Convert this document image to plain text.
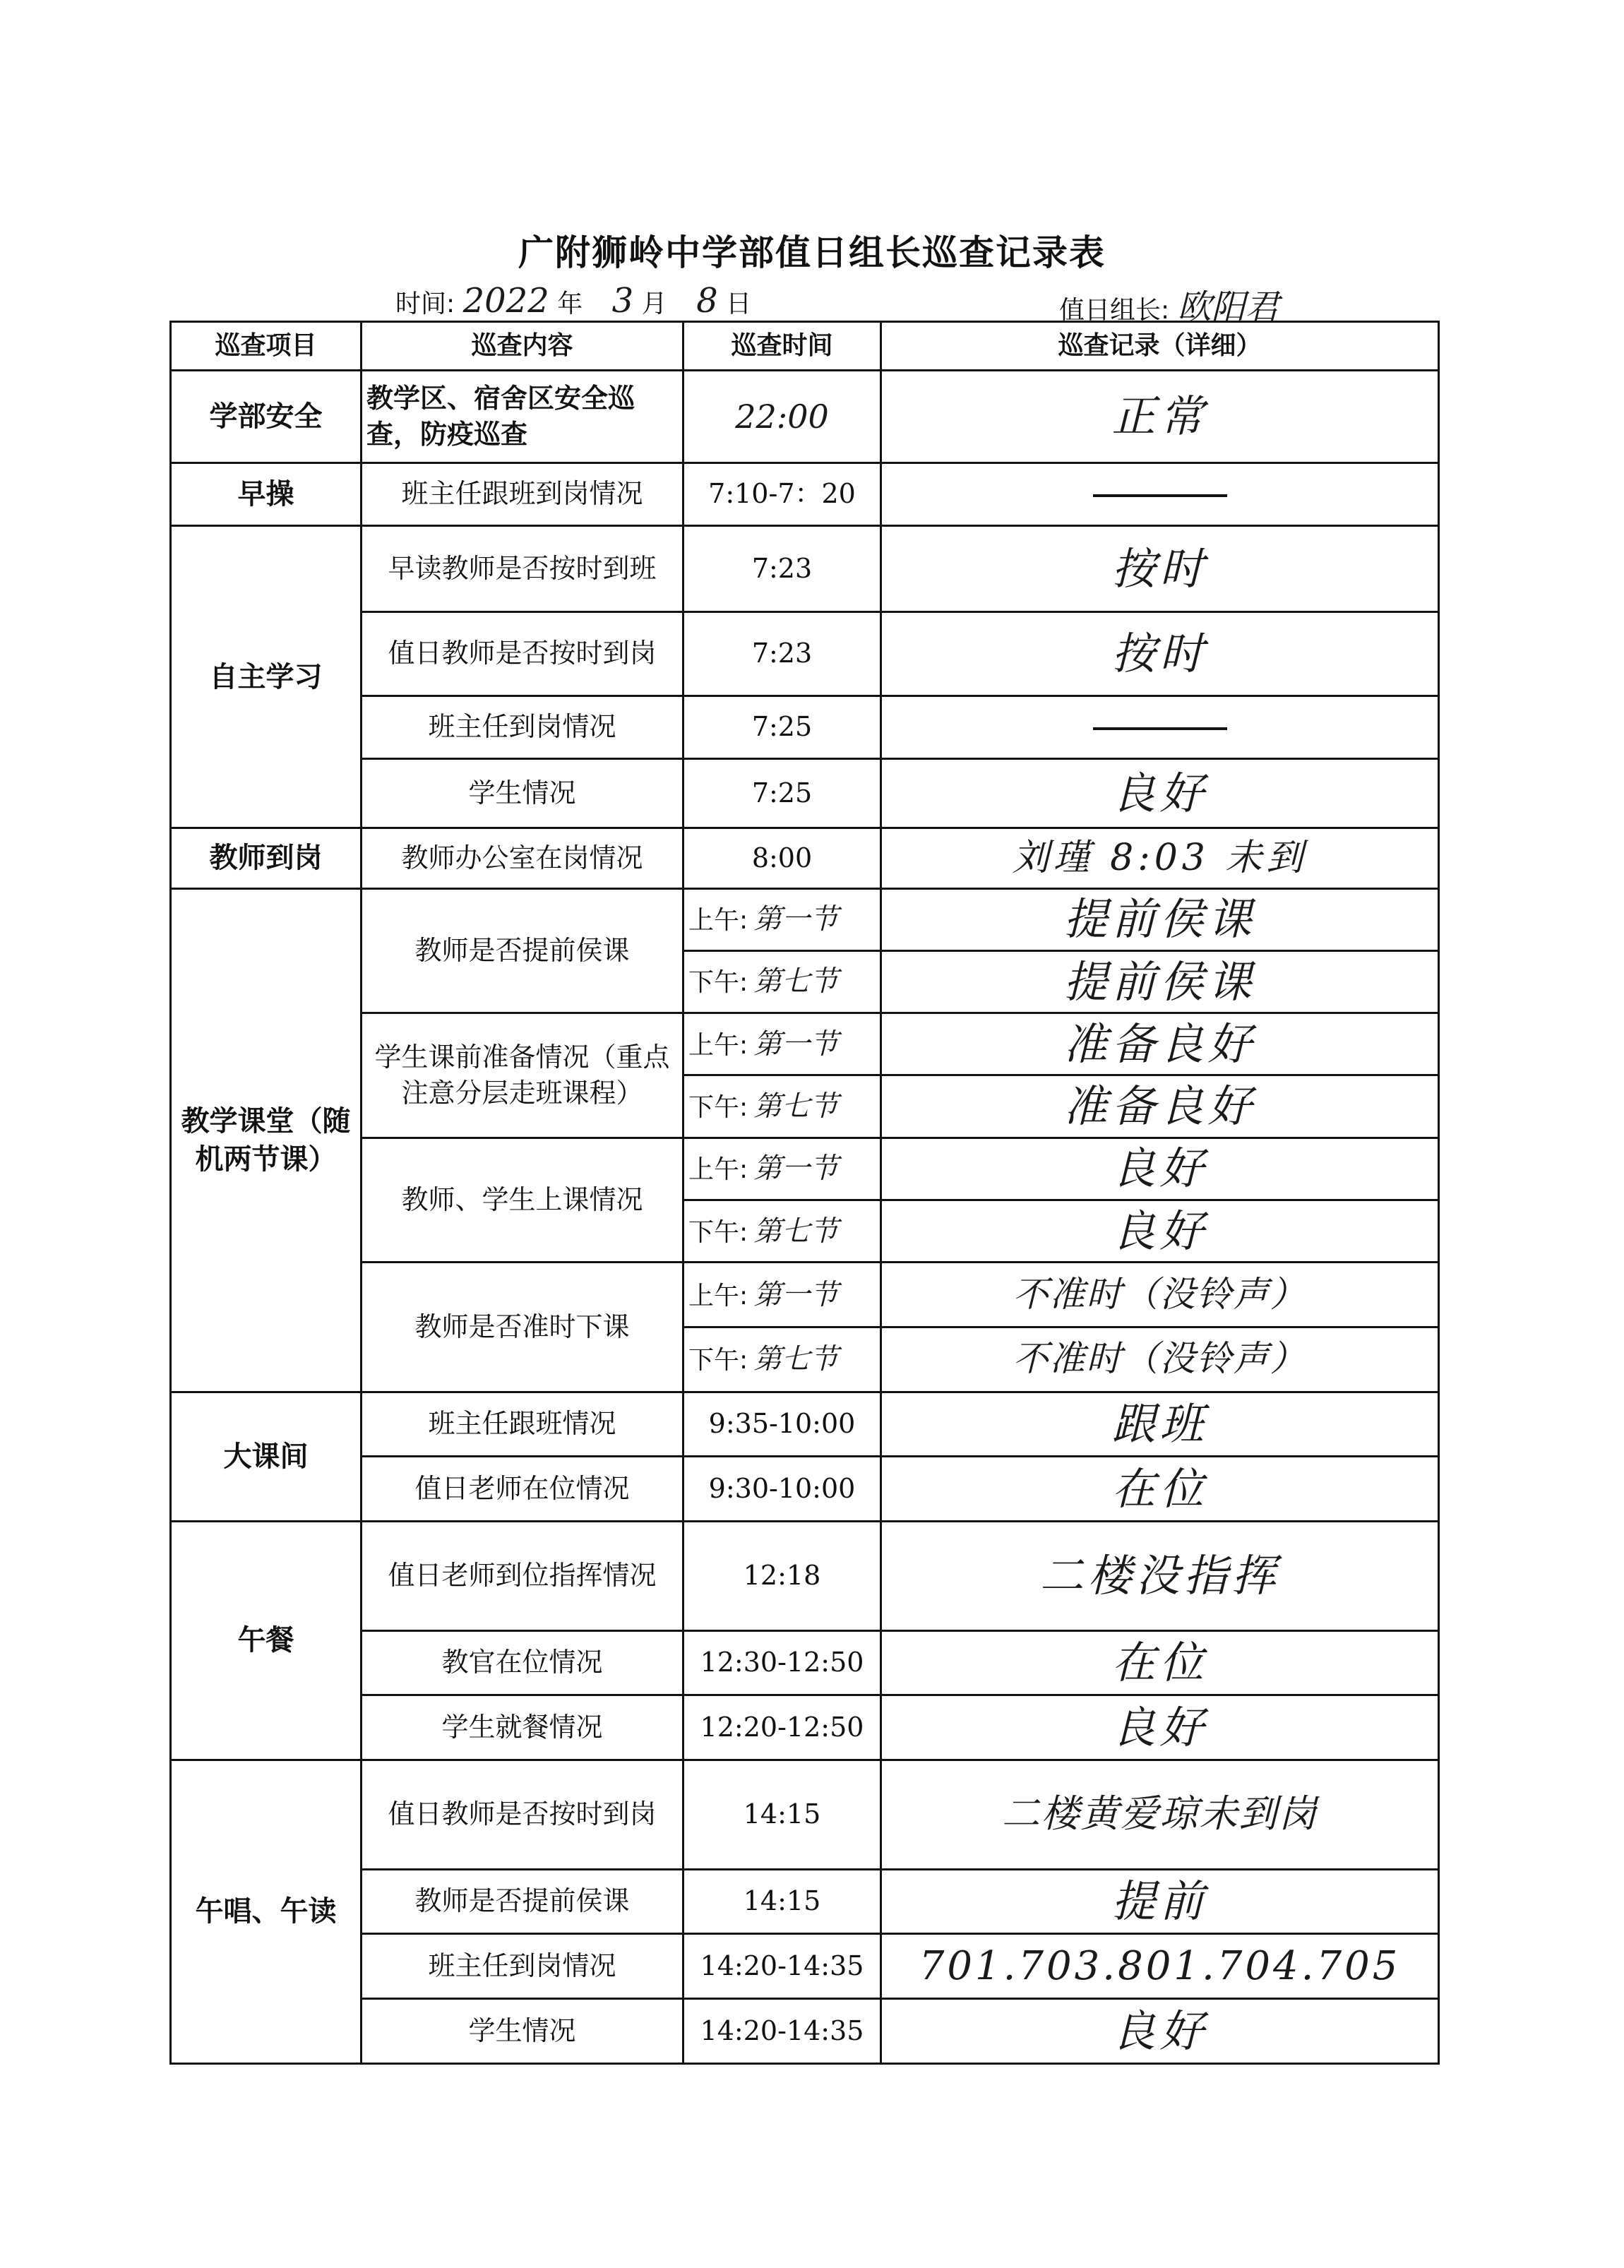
广附狮岭中学部值日组长巡查记录表
时间: 2022 年 3 月 8 日	值日组长: 欧阳君
巡查项目	巡查内容	巡查时间	巡查记录（详细）
学部安全	教学区、宿舍区安全巡查，防疫巡查	22:00	正常
早操	班主任跟班到岗情况	7:10-7：20	
自主学习	早读教师是否按时到班	7:23	按时
	值日教师是否按时到岗	7:23	按时
	班主任到岗情况	7:25	
	学生情况	7:25	良好
教师到岗	教师办公室在岗情况	8:00	刘瑾 8:03 未到
教学课堂（随机两节课）	教师是否提前侯课	上午: 第一节	提前侯课
		下午: 第七节	提前侯课
	学生课前准备情况（重点注意分层走班课程）	上午: 第一节	准备良好
		下午: 第七节	准备良好
	教师、学生上课情况	上午: 第一节	良好
		下午: 第七节	良好
	教师是否准时下课	上午: 第一节	不准时（没铃声）
		下午: 第七节	不准时（没铃声）
大课间	班主任跟班情况	9:35-10:00	跟班
	值日老师在位情况	9:30-10:00	在位
午餐	值日老师到位指挥情况	12:18	二楼没指挥
	教官在位情况	12:30-12:50	在位
	学生就餐情况	12:20-12:50	良好
午唱、午读	值日教师是否按时到岗	14:15	二楼黄爱琼未到岗
	教师是否提前侯课	14:15	提前
	班主任到岗情况	14:20-14:35	701.703.801.704.705
	学生情况	14:20-14:35	良好
